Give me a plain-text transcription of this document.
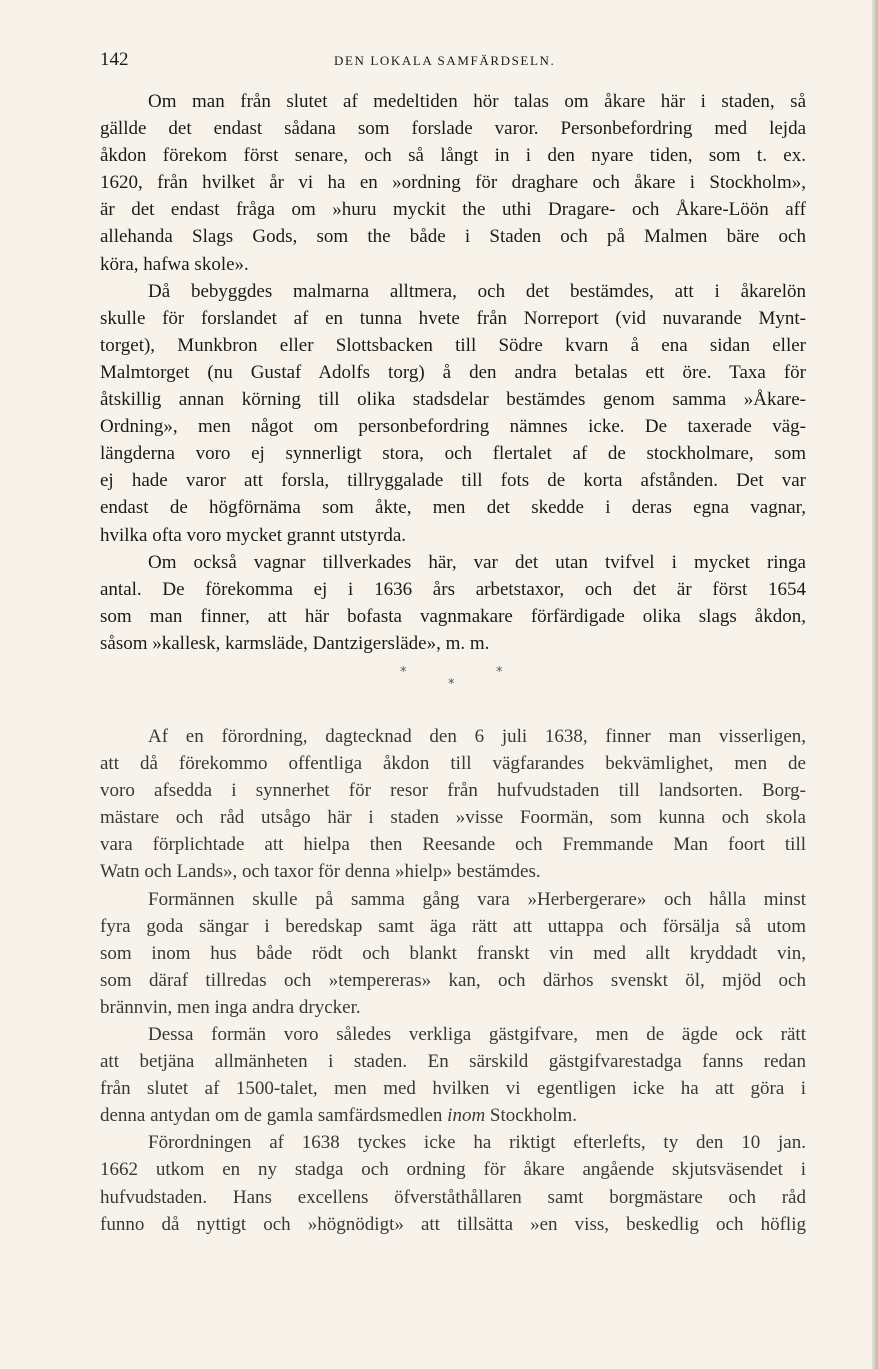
142	DEN LOKALA SAMFÄRDSELN.
Om man från slutet af medeltiden hör talas om åkare här i staden, så
gällde det endast sådana som forslade varor. Personbefordring med lejda
åkdon förekom först senare, och så långt in i den nyare tiden, som t. ex.
1620, från hvilket år vi ha en »ordning för draghare och åkare i Stockholm»,
är det endast fråga om »huru myckit the uthi Dragare- och Åkare-Löön aff
allehanda Slags Gods, som the både i Staden och på Malmen bäre och
köra, hafwa skole».
Då bebyggdes malmarna alltmera, och det bestämdes, att i åkarelön
skulle för forslandet af en tunna hvete från Norreport (vid nuvarande Mynt-
torget), Munkbron eller Slottsbacken till Södre kvarn å ena sidan eller
Malmtorget (nu Gustaf Adolfs torg) å den andra betalas ett öre. Taxa för
åtskillig annan körning till olika stadsdelar bestämdes genom samma »Åkare-
Ordning», men något om personbefordring nämnes icke. De taxerade väg-
längderna voro ej synnerligt stora, och flertalet af de stockholmare, som
ej hade varor att forsla, tillryggalade till fots de korta afstånden. Det var
endast de högförnäma som åkte, men det skedde i deras egna vagnar,
hvilka ofta voro mycket grannt utstyrda.
Om också vagnar tillverkades här, var det utan tvifvel i mycket ringa
antal. De förekomma ej i 1636 års arbetstaxor, och det är först 1654
som man finner, att här bofasta vagnmakare förfärdigade olika slags åkdon,
såsom »kallesk, karmsläde, Dantzigersläde», m. m.
*	*
*
Af en förordning, dagtecknad den 6 juli 1638, finner man visserligen,
att då förekommo offentliga åkdon till vägfarandes bekvämlighet, men de
voro afsedda i synnerhet för resor från hufvudstaden till landsorten. Borg-
mästare och råd utsågo här i staden »visse Foormän, som kunna och skola
vara förplichtade att hielpa then Reesande och Fremmande Man foort till
Watn och Lands», och taxor för denna »hielp» bestämdes.
Formännen skulle på samma gång vara »Herbergerare» och hålla minst
fyra goda sängar i beredskap samt äga rätt att uttappa och försälja så utom
som inom hus både rödt och blankt franskt vin med allt kryddadt vin,
som däraf tillredas och »tempereras» kan, och därhos svenskt öl, mjöd och
brännvin, men inga andra drycker.
Dessa formän voro således verkliga gästgifvare, men de ägde ock rätt
att betjäna allmänheten i staden. En särskild gästgifvarestadga fanns redan
från slutet af 1500-talet, men med hvilken vi egentligen icke ha att göra i
denna antydan om de gamla samfärdsmedlen inom Stockholm.
Förordningen af 1638 tyckes icke ha riktigt efterlefts, ty den 10 jan.
1662 utkom en ny stadga och ordning för åkare angående skjutsväsendet i
hufvudstaden. Hans excellens öfverståthållaren samt borgmästare och råd
funno då nyttigt och »högnödigt» att tillsätta »en viss, beskedlig och höflig
